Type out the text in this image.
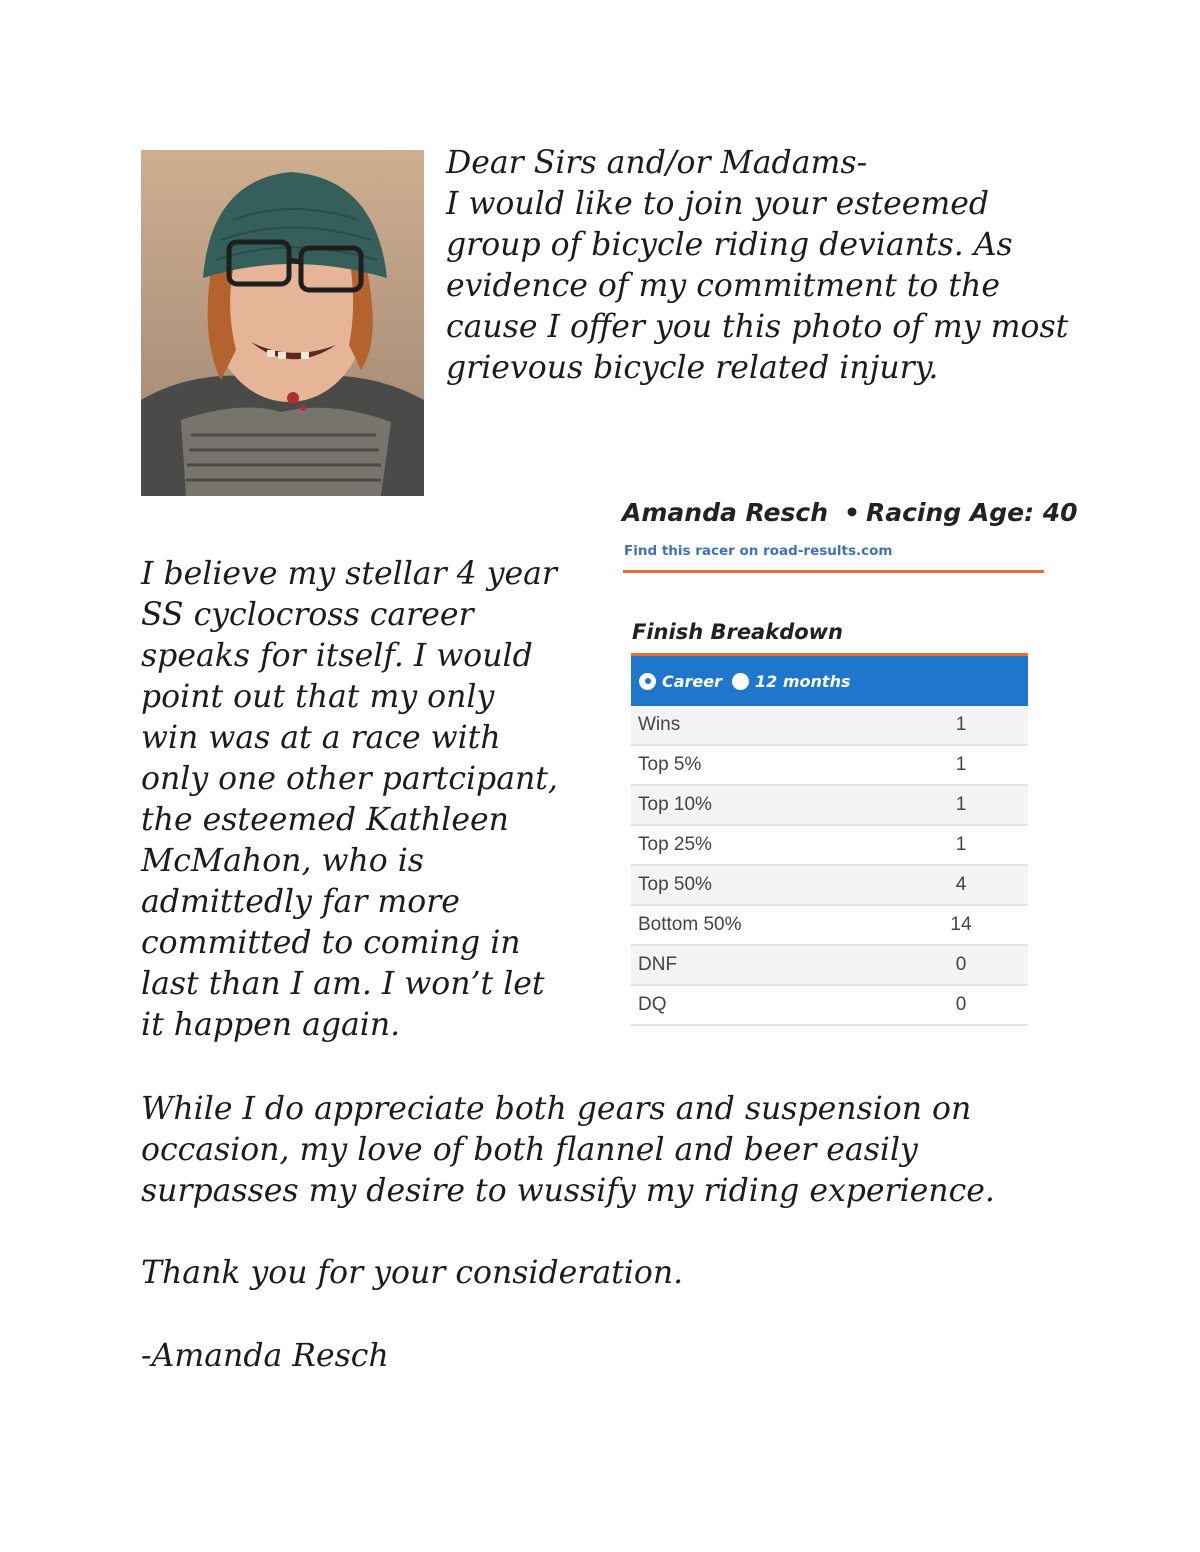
Dear Sirs and/or Madams-
I would like to join your esteemed
group of bicycle riding deviants. As
evidence of my commitment to the
cause I offer you this photo of my most
grievous bicycle related injury.

I believe my stellar 4 year
SS cyclocross career
speaks for itself. I would
point out that my only
win was at a race with
only one other partcipant,
the esteemed Kathleen
McMahon, who is
admittedly far more
committed to coming in
last than I am. I won’t let
it happen again.

Amanda Resch • Racing Age: 40
Find this racer on road-results.com
Finish Breakdown
Career 12 months
Wins	1
Top 5%	1
Top 10%	1
Top 25%	1
Top 50%	4
Bottom 50%	14
DNF	0
DQ	0

While I do appreciate both gears and suspension on
occasion, my love of both flannel and beer easily
surpasses my desire to wussify my riding experience.

Thank you for your consideration.

-Amanda Resch
